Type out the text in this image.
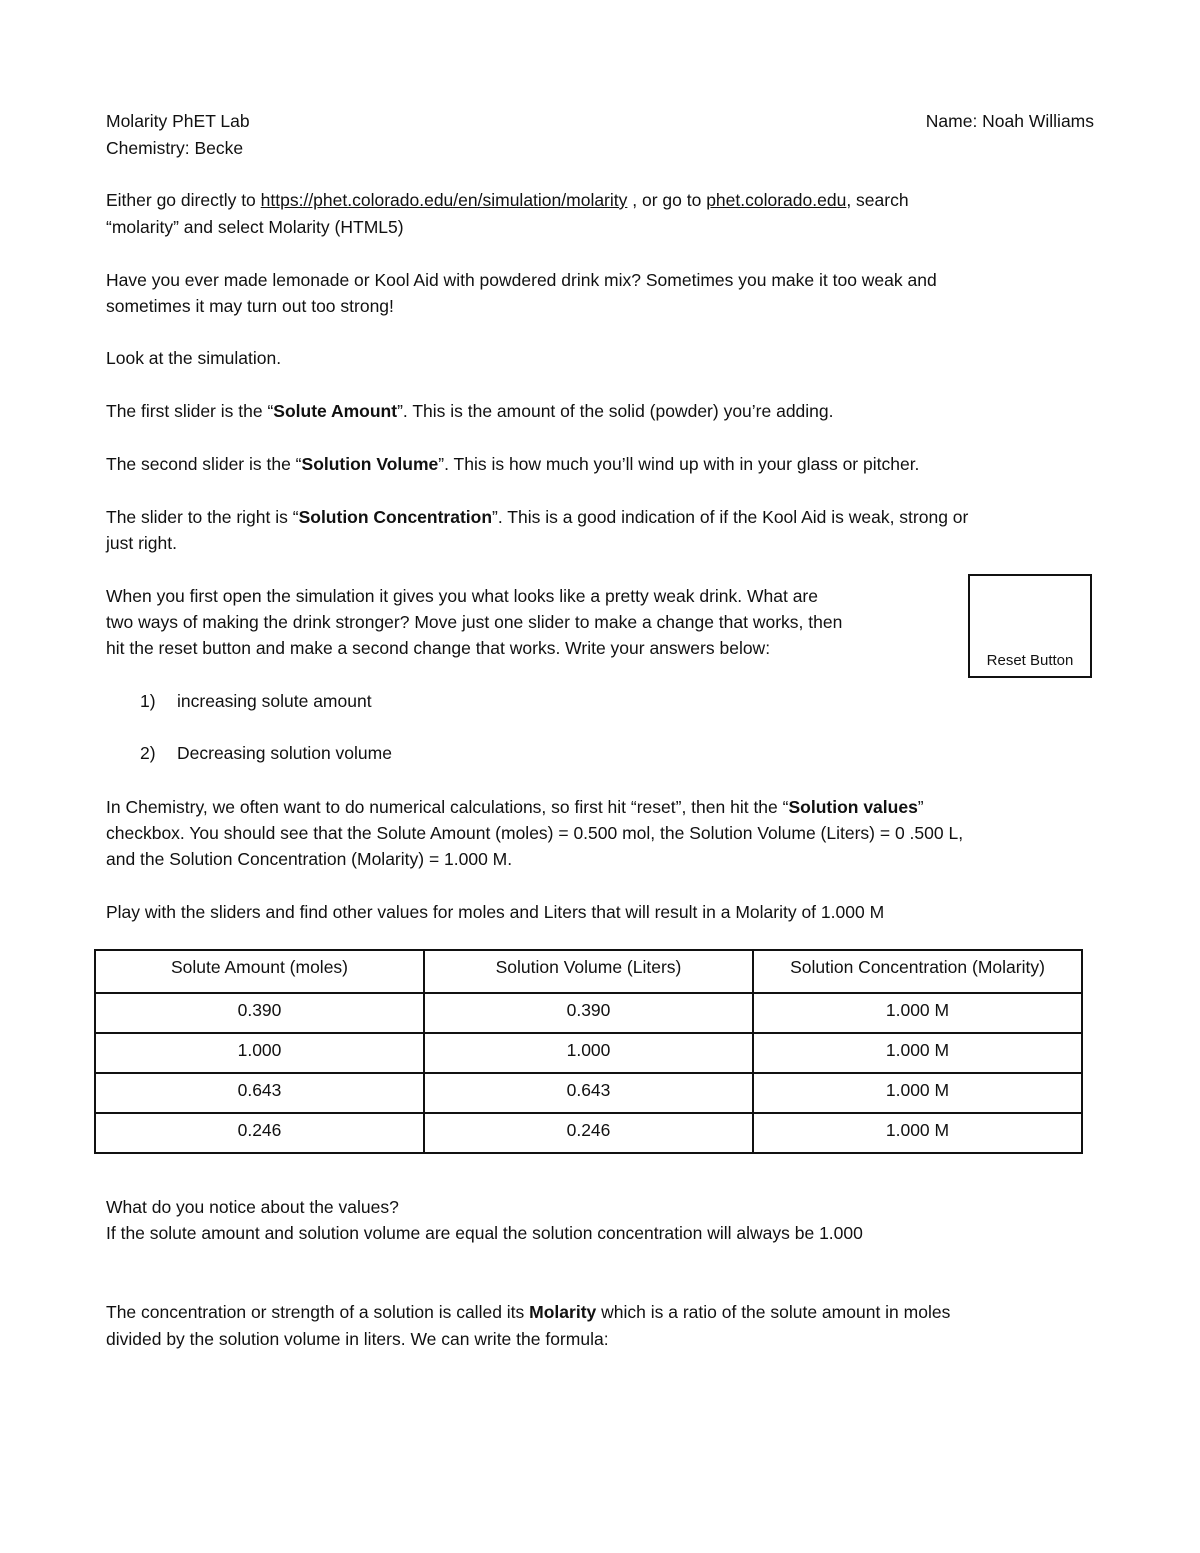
Molarity PhET Lab
Chemistry: Becke
Name: Noah Williams
Either go directly to https://phet.colorado.edu/en/simulation/molarity , or go to phet.colorado.edu, search
“molarity” and select Molarity (HTML5)
Have you ever made lemonade or Kool Aid with powdered drink mix? Sometimes you make it too weak and
sometimes it may turn out too strong!
Look at the simulation.
The first slider is the “Solute Amount”. This is the amount of the solid (powder) you’re adding.
The second slider is the “Solution Volume”. This is how much you’ll wind up with in your glass or pitcher.
The slider to the right is “Solution Concentration”. This is a good indication of if the Kool Aid is weak, strong or
just right.
When you first open the simulation it gives you what looks like a pretty weak drink. What are
two ways of making the drink stronger? Move just one slider to make a change that works, then
hit the reset button and make a second change that works. Write your answers below:
Reset Button
1) increasing solute amount
2) Decreasing solution volume
In Chemistry, we often want to do numerical calculations, so first hit “reset”, then hit the “Solution values”
checkbox. You should see that the Solute Amount (moles) = 0.500 mol, the Solution Volume (Liters) = 0 .500 L,
and the Solution Concentration (Molarity) = 1.000 M.
Play with the sliders and find other values for moles and Liters that will result in a Molarity of 1.000 M
Solute Amount (moles)	Solution Volume (Liters)	Solution Concentration (Molarity)
0.390	0.390	1.000 M
1.000	1.000	1.000 M
0.643	0.643	1.000 M
0.246	0.246	1.000 M
What do you notice about the values?
If the solute amount and solution volume are equal the solution concentration will always be 1.000
The concentration or strength of a solution is called its Molarity which is a ratio of the solute amount in moles
divided by the solution volume in liters. We can write the formula:
